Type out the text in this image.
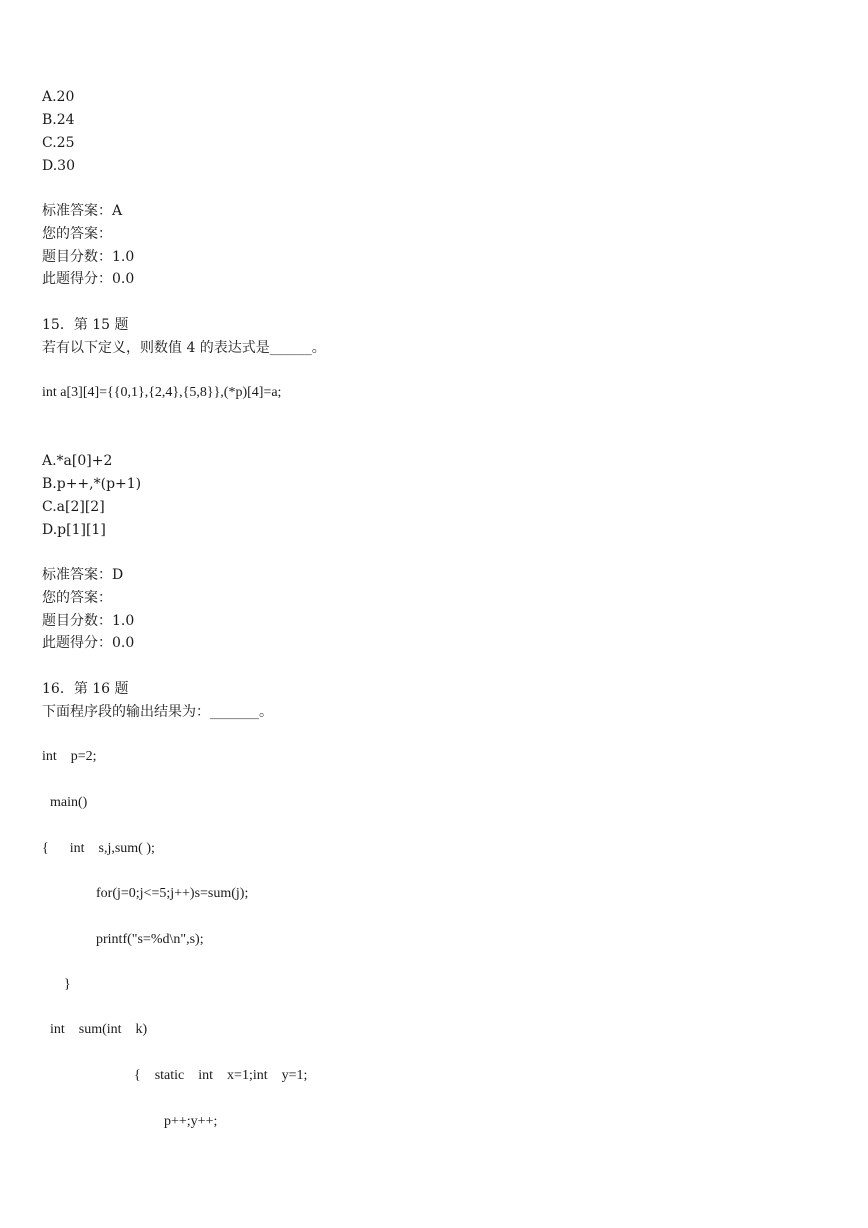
A.20
B.24
C.25
D.30
标准答案：A
您的答案：
题目分数：1.0
此题得分：0.0
15．第 15 题
若有以下定义，则数值 4 的表达式是______。
int a[3][4]={{0,1},{2,4},{5,8}},(*p)[4]=a;
A.*a[0]+2
B.p++,*(p+1)
C.a[2][2]
D.p[1][1]
标准答案：D
您的答案：
题目分数：1.0
此题得分：0.0
16．第 16 题
下面程序段的输出结果为：_______。
int    p=2;
main()
{      int    s,j,sum( );
for(j=0;j<=5;j++)s=sum(j);
printf("s=%d\n",s);
}
int    sum(int    k)
{    static    int    x=1;int    y=1;
p++;y++;
